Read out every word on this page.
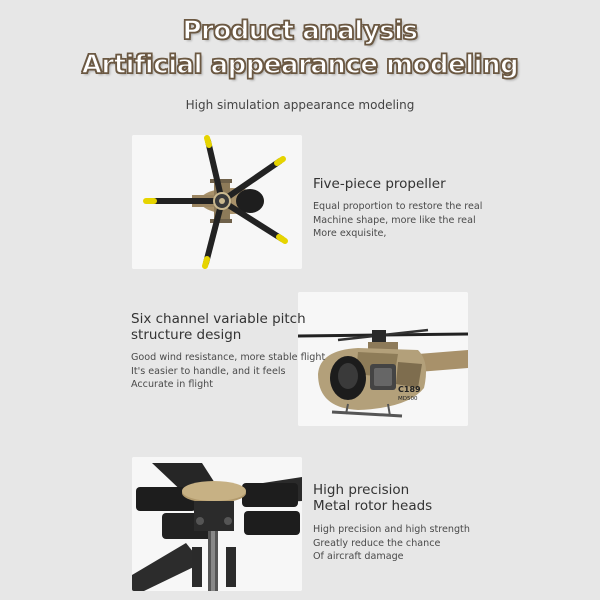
Product analysis
Artificial appearance modeling
High simulation appearance modeling
Five-piece propeller
Equal proportion to restore the real
Machine shape, more like the real
More exquisite,
C189
MD500
Six channel variable pitch
structure design
Good wind resistance, more stable flight
It's easier to handle, and it feels
Accurate in flight
High precision
Metal rotor heads
High precision and high strength
Greatly reduce the chance
Of aircraft damage
